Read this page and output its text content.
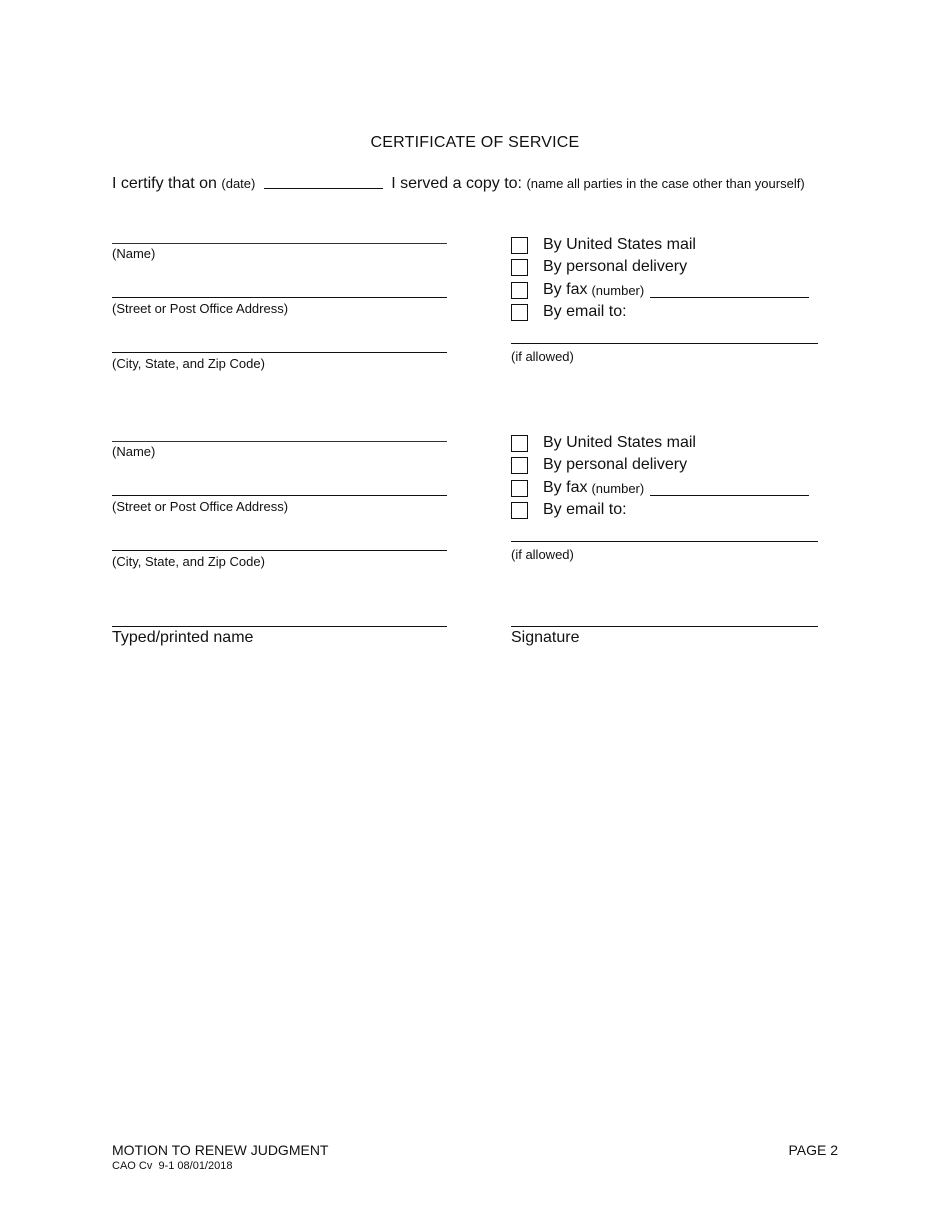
CERTIFICATE OF SERVICE
I certify that on (date)	I served a copy to: (name all parties in the case other than yourself)
(Name)
(Street or Post Office Address)
(City, State, and Zip Code)
By United States mail
By personal delivery
By fax (number)
By email to:
(if allowed)
(Name)
(Street or Post Office Address)
(City, State, and Zip Code)
By United States mail
By personal delivery
By fax (number)
By email to:
(if allowed)
Typed/printed name	Signature
MOTION TO RENEW JUDGMENT
CAO Cv  9-1 08/01/2018
PAGE 2
